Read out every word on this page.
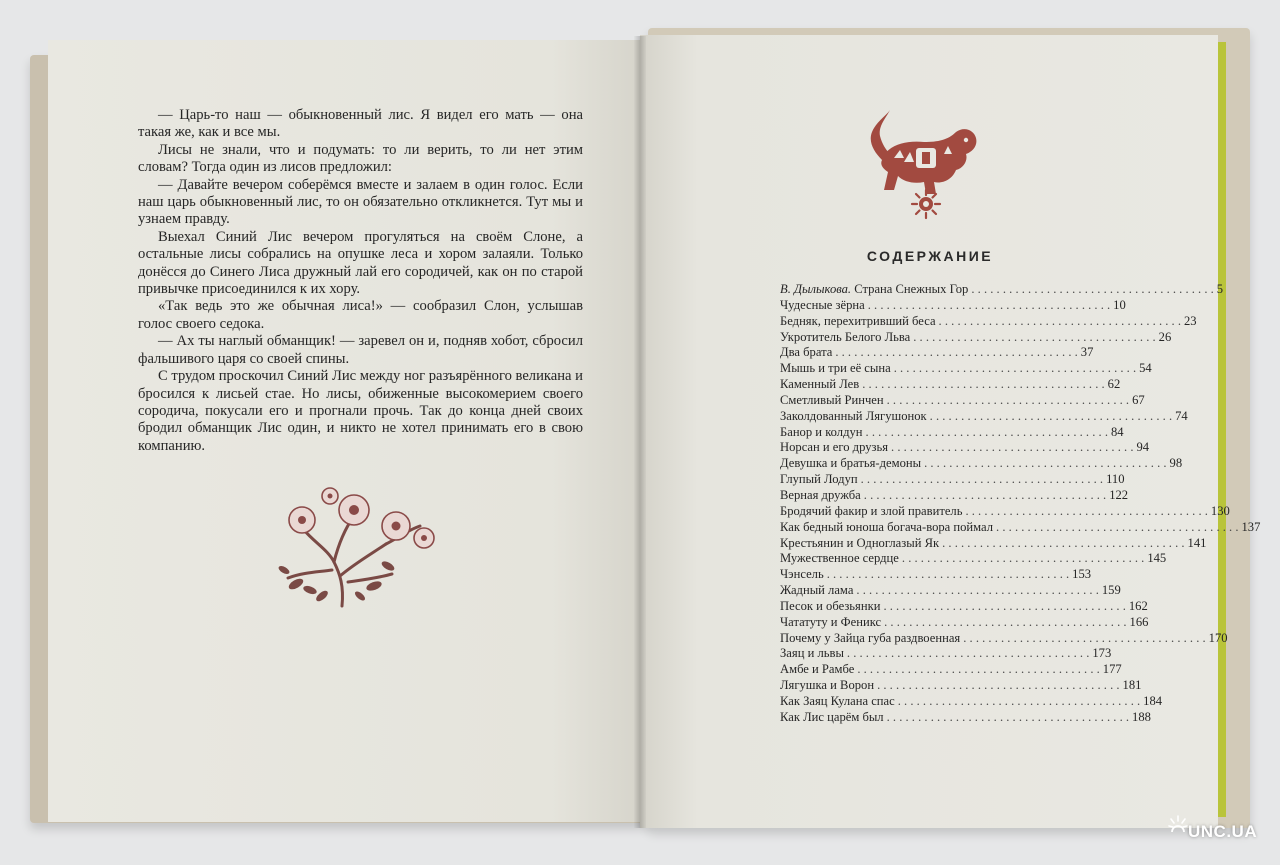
— Царь-то наш — обыкновенный лис. Я видел его мать — она такая же, как и все мы.

Лисы не знали, что и подумать: то ли верить, то ли нет этим словам? Тогда один из лисов предложил:

— Давайте вечером соберёмся вместе и залаем в один голос. Если наш царь обыкновенный лис, то он обязательно откликнется. Тут мы и узнаем правду.

Выехал Синий Лис вечером прогуляться на своём Слоне, а остальные лисы собрались на опушке леса и хором залаяли. Только донёсся до Синего Лиса дружный лай его сородичей, как он по старой привычке присоединился к их хору.

«Так ведь это же обычная лиса!» — сообразил Слон, услышав голос своего седока.

— Ах ты наглый обманщик! — заревел он и, подняв хобот, сбросил фальшивого царя со своей спины.

С трудом проскочил Синий Лис между ног разъярённого великана и бросился к лисьей стае. Но лисы, обиженные высокомерием своего сородича, покусали его и прогнали прочь. Так до конца дней своих бродил обманщик Лис один, и никто не хотел принимать его в свою компанию.

СОДЕРЖАНИЕ
В. Дылыкова. Страна Снежных Гор . . . . . . . . . . . . . . . . . . . . . . . . . . . . . . . . . . . . . . . 5
Чудесные зёрна . . . . . . . . . . . . . . . . . . . . . . . . . . . . . . . . . . . . . . . 10
Бедняк, перехитривший беса . . . . . . . . . . . . . . . . . . . . . . . . . . . . . . . . . . . . . . . 23
Укротитель Белого Льва . . . . . . . . . . . . . . . . . . . . . . . . . . . . . . . . . . . . . . . 26
Два брата . . . . . . . . . . . . . . . . . . . . . . . . . . . . . . . . . . . . . . . 37
Мышь и три её сына . . . . . . . . . . . . . . . . . . . . . . . . . . . . . . . . . . . . . . . 54
Каменный Лев . . . . . . . . . . . . . . . . . . . . . . . . . . . . . . . . . . . . . . . 62
Сметливый Ринчен . . . . . . . . . . . . . . . . . . . . . . . . . . . . . . . . . . . . . . . 67
Заколдованный Лягушонок . . . . . . . . . . . . . . . . . . . . . . . . . . . . . . . . . . . . . . . 74
Банор и колдун . . . . . . . . . . . . . . . . . . . . . . . . . . . . . . . . . . . . . . . 84
Норсан и его друзья . . . . . . . . . . . . . . . . . . . . . . . . . . . . . . . . . . . . . . . 94
Девушка и братья-демоны . . . . . . . . . . . . . . . . . . . . . . . . . . . . . . . . . . . . . . . 98
Глупый Лодуп . . . . . . . . . . . . . . . . . . . . . . . . . . . . . . . . . . . . . . . 110
Верная дружба . . . . . . . . . . . . . . . . . . . . . . . . . . . . . . . . . . . . . . . 122
Бродячий факир и злой правитель . . . . . . . . . . . . . . . . . . . . . . . . . . . . . . . . . . . . . . . 130
Как бедный юноша богача-вора поймал . . . . . . . . . . . . . . . . . . . . . . . . . . . . . . . . . . . . . . . 137
Крестьянин и Одноглазый Як . . . . . . . . . . . . . . . . . . . . . . . . . . . . . . . . . . . . . . . 141
Мужественное сердце . . . . . . . . . . . . . . . . . . . . . . . . . . . . . . . . . . . . . . . 145
Чэнсель . . . . . . . . . . . . . . . . . . . . . . . . . . . . . . . . . . . . . . . 153
Жадный лама . . . . . . . . . . . . . . . . . . . . . . . . . . . . . . . . . . . . . . . 159
Песок и обезьянки . . . . . . . . . . . . . . . . . . . . . . . . . . . . . . . . . . . . . . . 162
Чататуту и Феникс . . . . . . . . . . . . . . . . . . . . . . . . . . . . . . . . . . . . . . . 166
Почему у Зайца губа раздвоенная . . . . . . . . . . . . . . . . . . . . . . . . . . . . . . . . . . . . . . . 170
Заяц и львы . . . . . . . . . . . . . . . . . . . . . . . . . . . . . . . . . . . . . . . 173
Амбе и Рамбе . . . . . . . . . . . . . . . . . . . . . . . . . . . . . . . . . . . . . . . 177
Лягушка и Ворон . . . . . . . . . . . . . . . . . . . . . . . . . . . . . . . . . . . . . . . 181
Как Заяц Кулана спас . . . . . . . . . . . . . . . . . . . . . . . . . . . . . . . . . . . . . . . 184
Как Лис царём был . . . . . . . . . . . . . . . . . . . . . . . . . . . . . . . . . . . . . . . 188
UNC.UA
